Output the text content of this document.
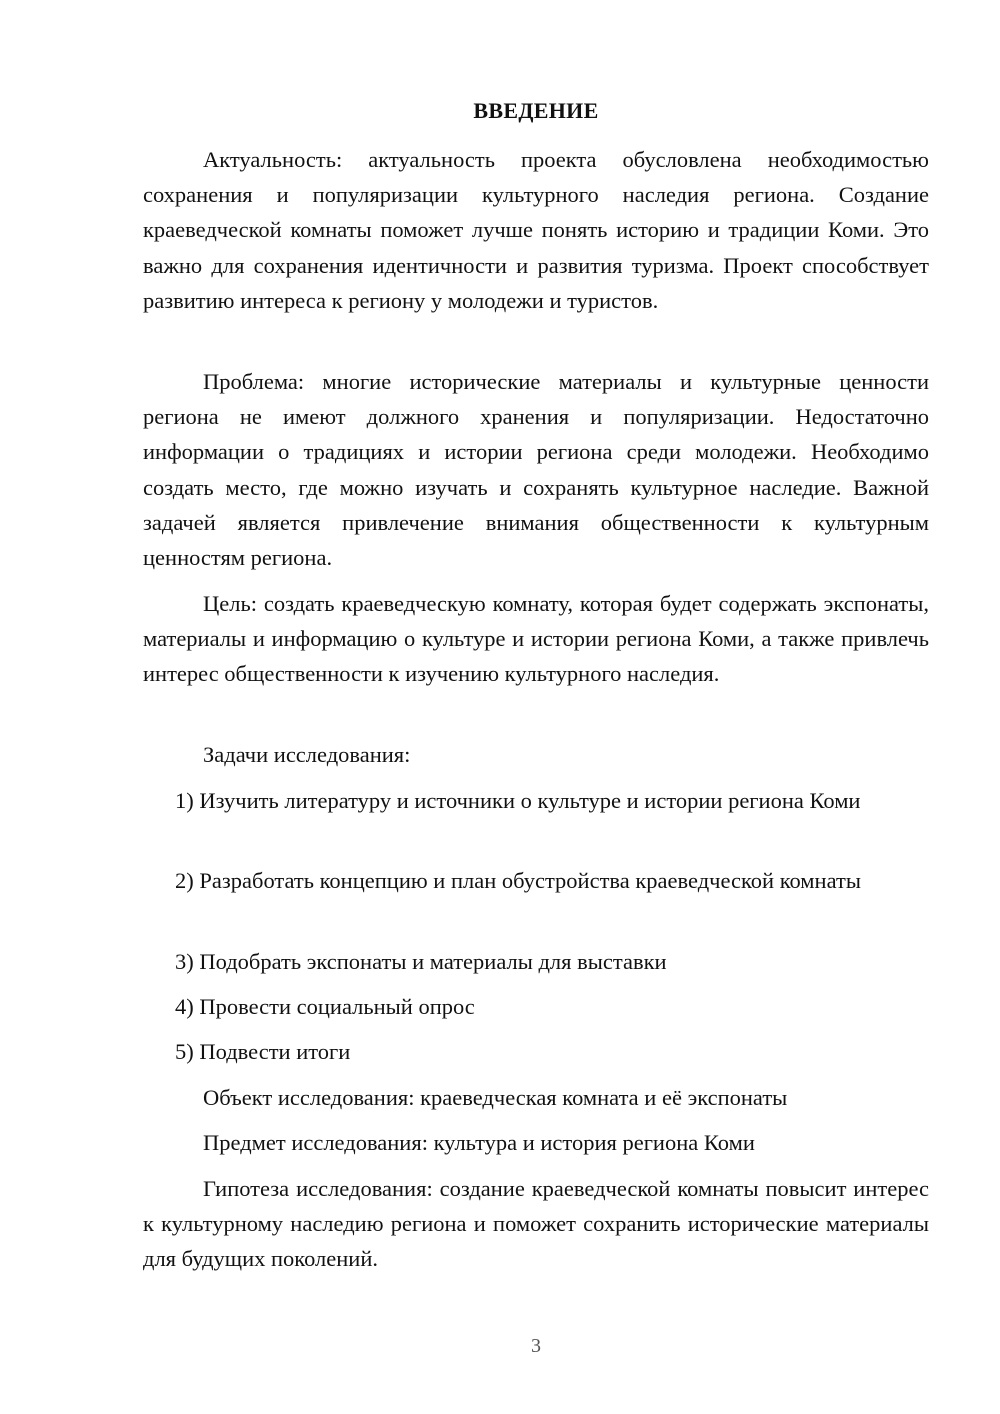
ВВЕДЕНИЕ

Актуальность: актуальность проекта обусловлена необходимостью сохранения и популяризации культурного наследия региона. Создание краеведческой комнаты поможет лучше понять историю и традиции Коми. Это важно для сохранения идентичности и развития туризма. Проект способствует развитию интереса к региону у молодежи и туристов.

Проблема: многие исторические материалы и культурные ценности региона не имеют должного хранения и популяризации. Недостаточно информации о традициях и истории региона среди молодежи. Необходимо создать место, где можно изучать и сохранять культурное наследие. Важной задачей является привлечение внимания общественности к культурным ценностям региона.

Цель: создать краеведческую комнату, которая будет содержать экспонаты, материалы и информацию о культуре и истории региона Коми, а также привлечь интерес общественности к изучению культурного наследия.

Задачи исследования:

1) Изучить литературу и источники о культуре и истории региона Коми

2) Разработать концепцию и план обустройства краеведческой комнаты

3) Подобрать экспонаты и материалы для выставки

4) Провести социальный опрос

5) Подвести итоги

Объект исследования: краеведческая комната и её экспонаты

Предмет исследования: культура и история региона Коми

Гипотеза исследования: создание краеведческой комнаты повысит интерес к культурному наследию региона и поможет сохранить исторические материалы для будущих поколений.

3
